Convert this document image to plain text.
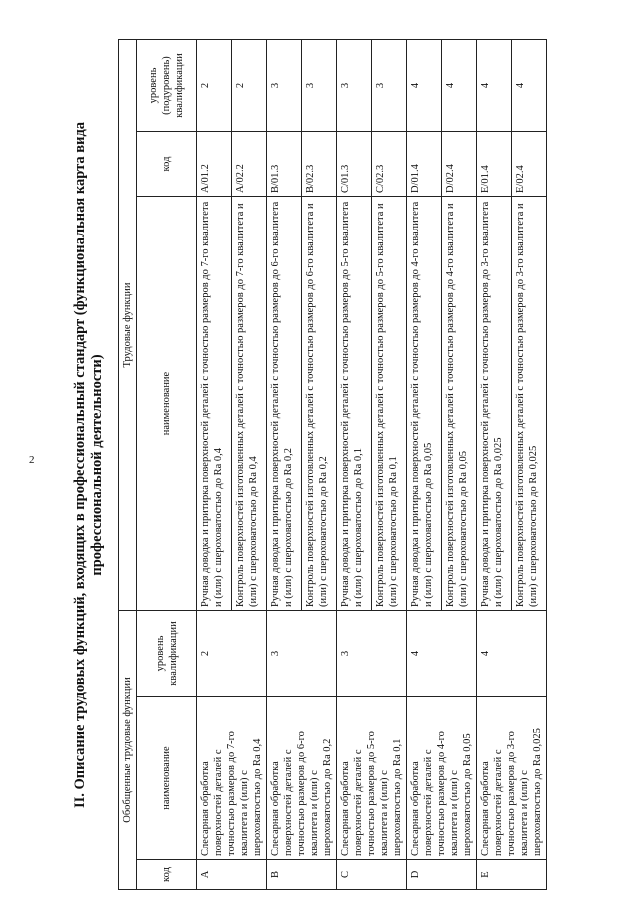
2	II. Описание трудовых функций, входящих в профессиональный стандарт (функциональная карта вида профессиональной деятельности)
Обобщенные трудовые функции			Трудовые функции		
код	наименование	уровень квалификации	наименование	код	уровень (подуровень) квалификации
A	Слесарная обработка поверхностей деталей с точностью размеров до 7-го квалитета и (или) с шероховатостью до Ra 0,4	2	Ручная доводка и притирка поверхностей деталей с точностью размеров до 7-го квалитета и (или) с шероховатостью до Ra 0,4	A/01.2	2
			Контроль поверхностей изготовленных деталей с точностью размеров до 7-го квалитета и (или) с шероховатостью до Ra 0,4	A/02.2	2
B	Слесарная обработка поверхностей деталей с точностью размеров до 6-го квалитета и (или) с шероховатостью до Ra 0,2	3	Ручная доводка и притирка поверхностей деталей с точностью размеров до 6-го квалитета и (или) с шероховатостью до Ra 0,2	B/01.3	3
			Контроль поверхностей изготовленных деталей с точностью размеров до 6-го квалитета и (или) с шероховатостью до Ra 0,2	B/02.3	3
C	Слесарная обработка поверхностей деталей с точностью размеров до 5-го квалитета и (или) с шероховатостью до Ra 0,1	3	Ручная доводка и притирка поверхностей деталей с точностью размеров до 5-го квалитета и (или) с шероховатостью до Ra 0,1	C/01.3	3
			Контроль поверхностей изготовленных деталей с точностью размеров до 5-го квалитета и (или) с шероховатостью до Ra 0,1	C/02.3	3
D	Слесарная обработка поверхностей деталей с точностью размеров до 4-го квалитета и (или) с шероховатостью до Ra 0,05	4	Ручная доводка и притирка поверхностей деталей с точностью размеров до 4-го квалитета и (или) с шероховатостью до Ra 0,05	D/01.4	4
			Контроль поверхностей изготовленных деталей с точностью размеров до 4-го квалитета и (или) с шероховатостью до Ra 0,05	D/02.4	4
E	Слесарная обработка поверхностей деталей с точностью размеров до 3-го квалитета и (или) с шероховатостью до Ra 0,025	4	Ручная доводка и притирка поверхностей деталей с точностью размеров до 3-го квалитета и (или) с шероховатостью до Ra 0,025	E/01.4	4
			Контроль поверхностей изготовленных деталей с точностью размеров до 3-го квалитета и (или) с шероховатостью до Ra 0,025	E/02.4	4
